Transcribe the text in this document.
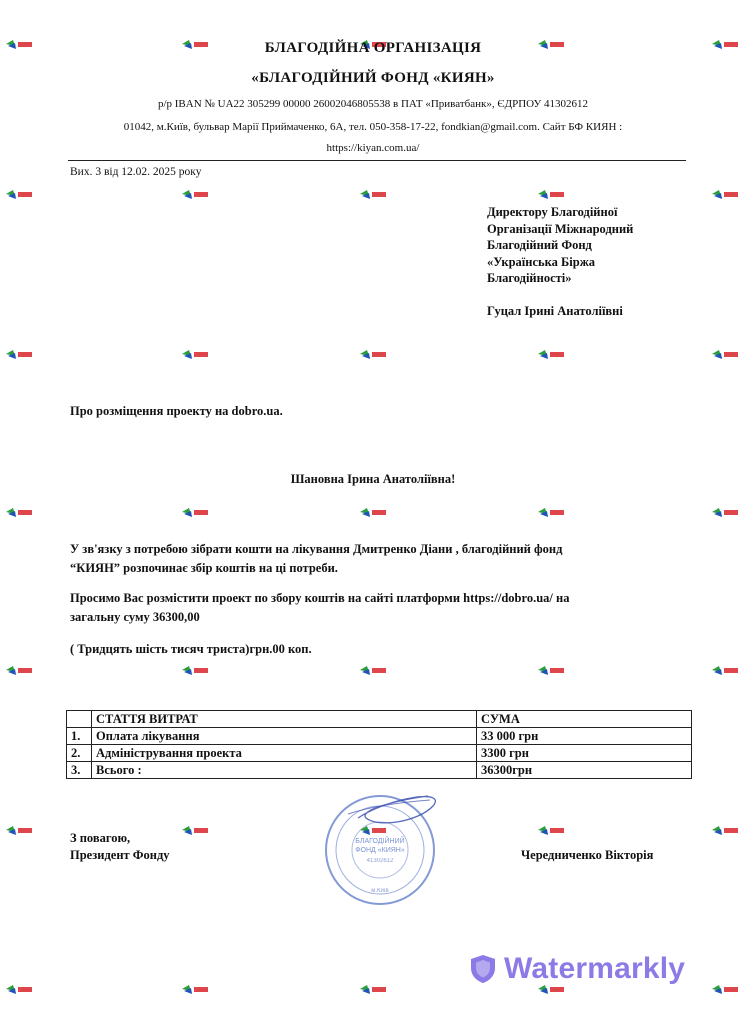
БЛАГОДІЙНА ОРГАНІЗАЦІЯ
«БЛАГОДІЙНИЙ ФОНД «КИЯН»
р/р IBAN № UA22 305299 00000 26002046805538 в ПАТ «Приватбанк», ЄДРПОУ 41302612
01042, м.Київ, бульвар Марії Приймаченко, 6А, тел. 050-358-17-22, fondkian@gmail.com. Сайт БФ КИЯН :
https://kiyan.com.ua/
Вих. 3 від 12.02. 2025 року
Директору Благодійної
Організації Міжнародний
Благодійний Фонд
«Українська Біржа
Благодійності»
Гуцал Ірині Анатоліївні
Про розміщення проекту на dobro.ua.
Шановна Ірина Анатоліївна!
У зв'язку з потребою зібрати кошти на лікування Дмитренко Діани , благодійний фонд
“КИЯН” розпочинає збір коштів на ці потреби.
Просимо Вас розмістити проект по збору коштів на сайті платформи https://dobro.ua/ на
загальну суму 36300,00
( Тридцять шість тисяч триста)грн.00 коп.
	СТАТТЯ ВИТРАТ	СУМА
1.	Оплата лікування	33 000 грн
2.	Адміністрування проекта	3300 грн
3.	Всього :	36300грн
З повагою,
Президент Фонду	Чередниченко Вікторія
БЛАГОДІЙНИЙ
ФОНД «КИЯН»
41302612
м.Київ
Watermarkly
